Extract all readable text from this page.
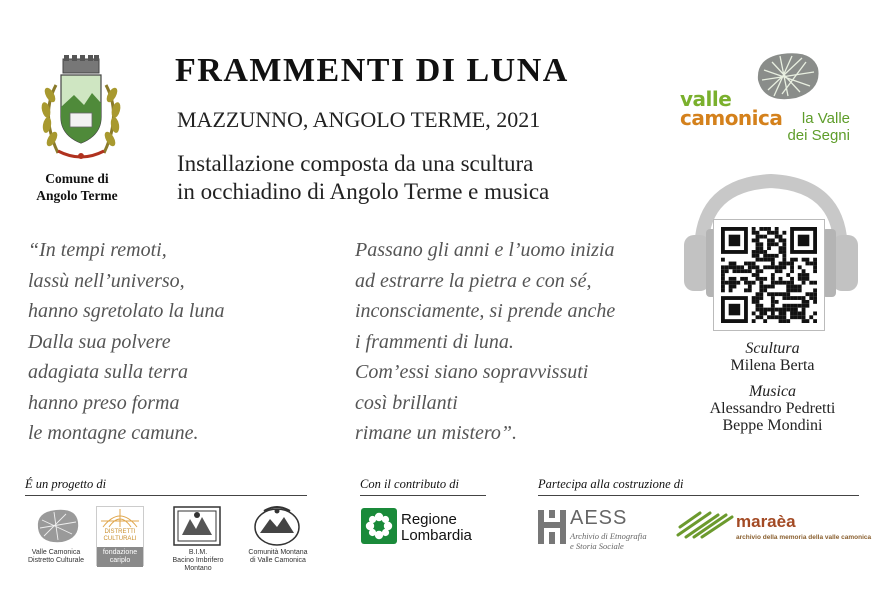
Comune di
Angolo Terme
FRAMMENTI DI LUNA
MAZZUNNO, ANGOLO TERME, 2021
Installazione composta da una scultura
in occhiadino di Angolo Terme e musica
valle
camonica	la Valle
dei Segni
“In tempi remoti,
lassù nell’universo,
hanno sgretolato la luna
Dalla sua polvere
adagiata sulla terra
hanno preso forma
le montagne camune.
Passano gli anni e l’uomo inizia
ad estrarre la pietra e con sé,
inconsciamente, si prende anche
i frammenti di luna.
Com’essi siano sopravvissuti
così brillanti
rimane un mistero”.
Scultura
Milena Berta
Musica
Alessandro Pedretti
Beppe Mondini
É un progetto di	Con il contributo di	Partecipa alla costruzione di
Valle Camonica
Distretto Culturale
DISTRETTI
CULTURALI
fondazione
cariplo
B.I.M.
Bacino Imbrifero Montano
Comunità Montana
di Valle Camonica
Regione
Lombardia
AESS
Archivio di Etnografia
e Storia Sociale
maraèa
archivio della memoria della valle camonica
